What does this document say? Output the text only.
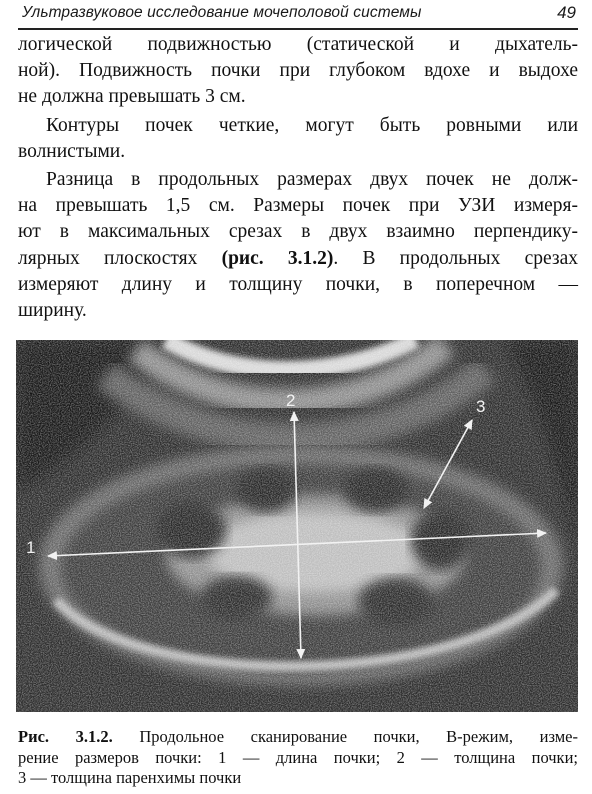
Ультразвуковое исследование мочеполовой системы	49
логической подвижностью (статической и дыхатель-
ной). Подвижность почки при глубоком вдохе и выдохе
не должна превышать 3 см.
Контуры почек четкие, могут быть ровными или
волнистыми.
Разница в продольных размерах двух почек не долж-
на превышать 1,5 см. Размеры почек при УЗИ измеря-
ют в максимальных срезах в двух взаимно перпендику-
лярных плоскостях (рис. 3.1.2). В продольных срезах
измеряют длину и толщину почки, в поперечном —
ширину.
1
2	3
Рис. 3.1.2. Продольное сканирование почки, В-режим, изме-
рение размеров почки: 1 — длина почки; 2 — толщина почки;
3 — толщина паренхимы почки
